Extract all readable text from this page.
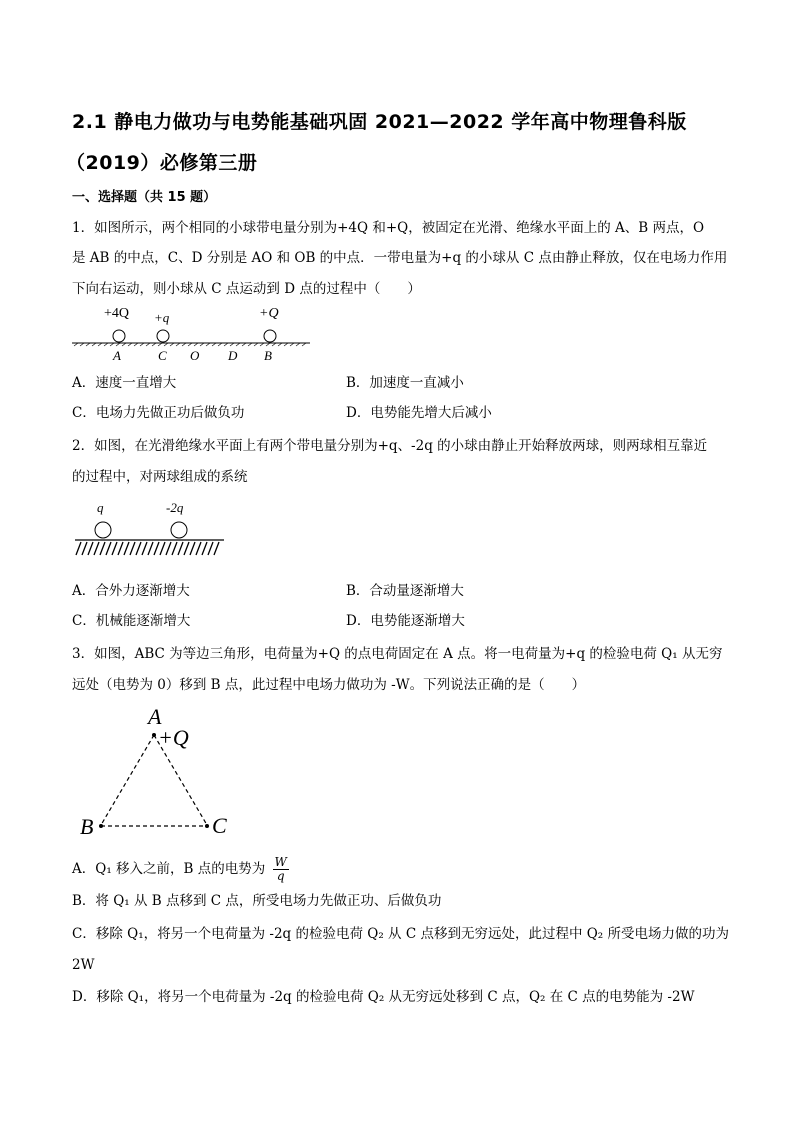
2.1 静电力做功与电势能基础巩固 2021—2022 学年高中物理鲁科版
（2019）必修第三册
一、选择题（共 15 题）
1．如图所示，两个相同的小球带电量分别为+4Q 和+Q，被固定在光滑、绝缘水平面上的 A、B 两点，O
是 AB 的中点，C、D 分别是 AO 和 OB 的中点．一带电量为+q 的小球从 C 点由静止释放，仅在电场力作用
下向右运动，则小球从 C 点运动到 D 点的过程中（　　）
+4Q +q	+Q
A	C O D B
A．速度一直增大	B．加速度一直减小
C．电场力先做正功后做负功	D．电势能先增大后减小
2．如图，在光滑绝缘水平面上有两个带电量分别为+q、-2q 的小球由静止开始释放两球，则两球相互靠近
的过程中，对两球组成的系统
q	-2q
A．合外力逐渐增大	B．合动量逐渐增大
C．机械能逐渐增大	D．电势能逐渐增大
3．如图，ABC 为等边三角形，电荷量为+Q 的点电荷固定在 A 点。将一电荷量为+q 的检验电荷 Q₁ 从无穷
远处（电势为 0）移到 B 点，此过程中电场力做功为 -W。下列说法正确的是（　　）
A
+Q
B	C
A．Q₁ 移入之前，B 点的电势为 $\frac{W}{q}$
B．将 Q₁ 从 B 点移到 C 点，所受电场力先做正功、后做负功
C．移除 Q₁，将另一个电荷量为 -2q 的检验电荷 Q₂ 从 C 点移到无穷远处，此过程中 Q₂ 所受电场力做的功为
2W
D．移除 Q₁，将另一个电荷量为 -2q 的检验电荷 Q₂ 从无穷远处移到 C 点，Q₂ 在 C 点的电势能为 -2W
